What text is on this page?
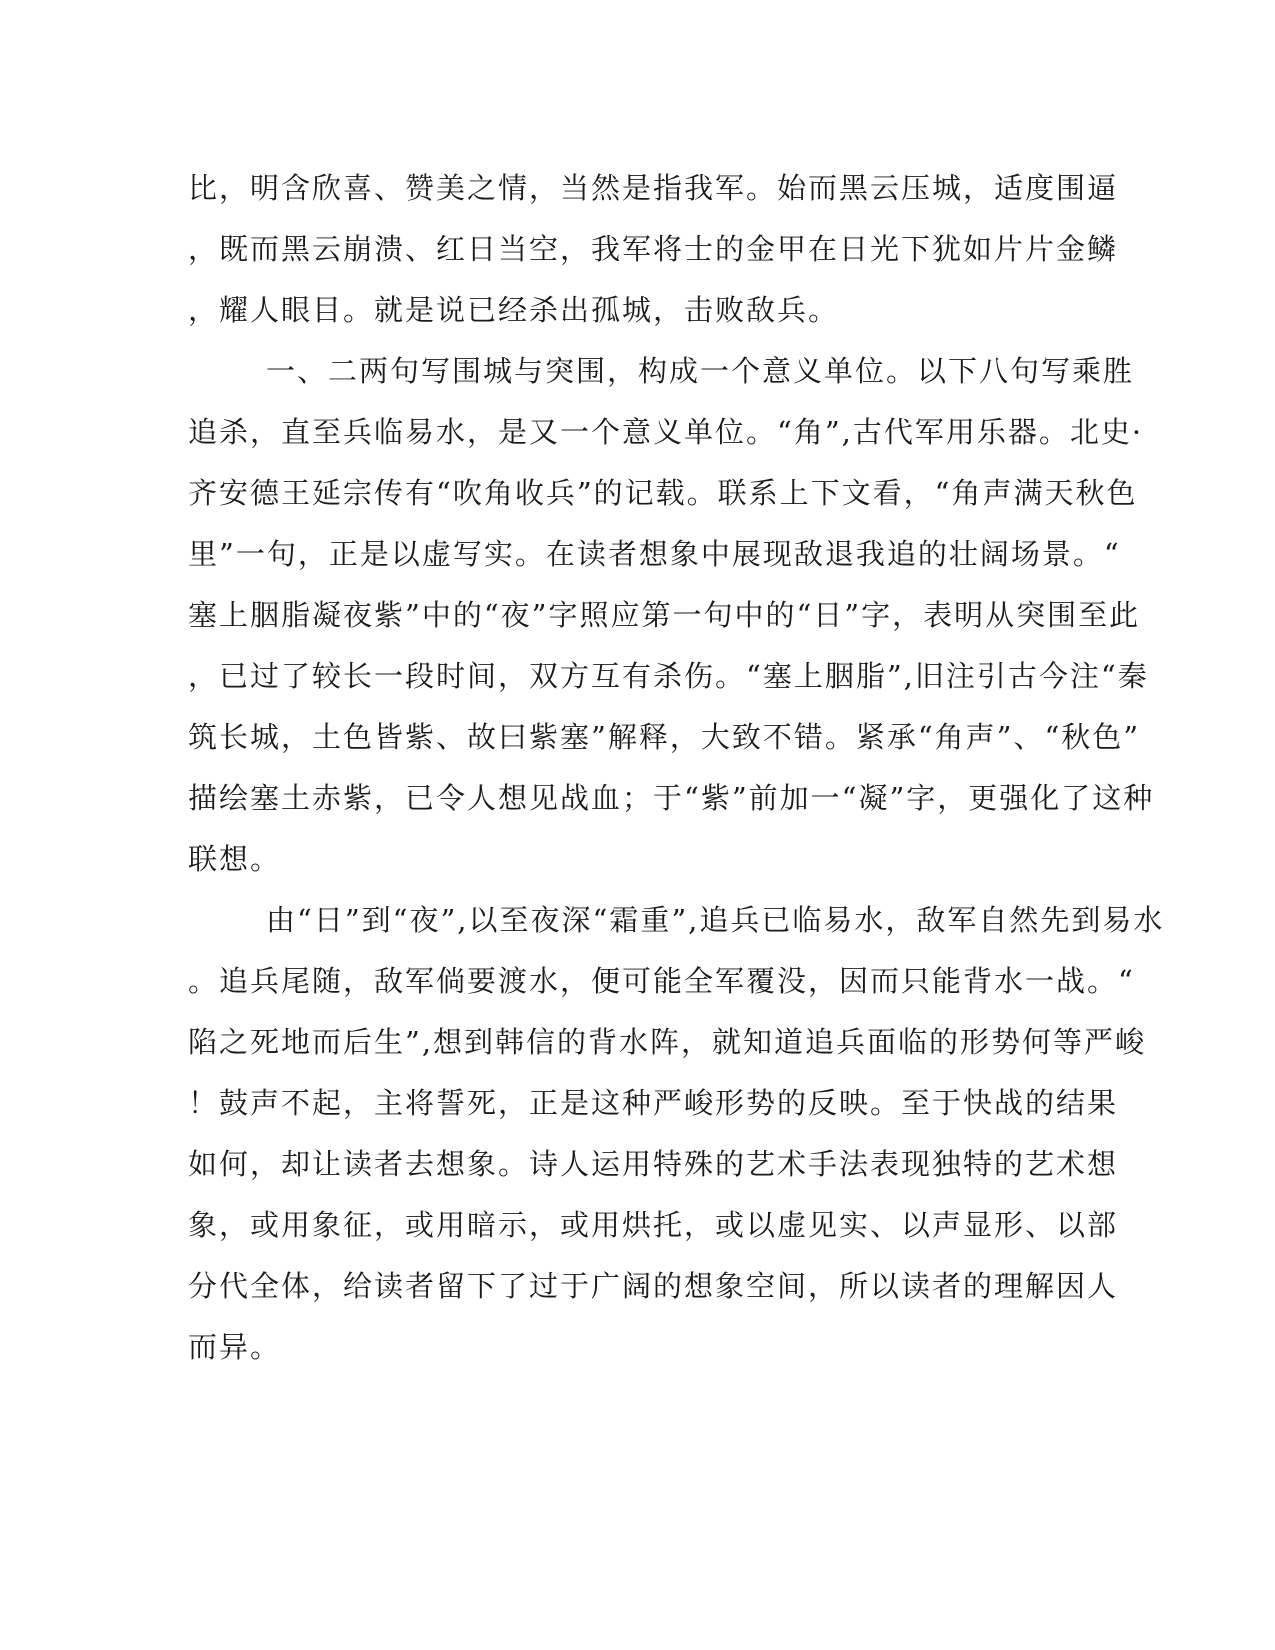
比，明含欣喜、赞美之情，当然是指我军。始而黑云压城，适度围逼
，既而黑云崩溃、红日当空，我军将士的金甲在日光下犹如片片金鳞
，耀人眼目。就是说已经杀出孤城，击败敌兵。
一、二两句写围城与突围，构成一个意义单位。以下八句写乘胜
追杀，直至兵临易水，是又一个意义单位。“角”,古代军用乐器。北史·
齐安德王延宗传有“吹角收兵”的记载。联系上下文看，“角声满天秋色
里”一句，正是以虚写实。在读者想象中展现敌退我追的壮阔场景。“
塞上胭脂凝夜紫”中的“夜”字照应第一句中的“日”字，表明从突围至此
，已过了较长一段时间，双方互有杀伤。“塞上胭脂”,旧注引古今注“秦
筑长城，土色皆紫、故曰紫塞”解释，大致不错。紧承“角声”、“秋色”
描绘塞土赤紫，已令人想见战血；于“紫”前加一“凝”字，更强化了这种
联想。
由“日”到“夜”,以至夜深“霜重”,追兵已临易水，敌军自然先到易水
。追兵尾随，敌军倘要渡水，便可能全军覆没，因而只能背水一战。“
陷之死地而后生”,想到韩信的背水阵，就知道追兵面临的形势何等严峻
！鼓声不起，主将誓死，正是这种严峻形势的反映。至于快战的结果
如何，却让读者去想象。诗人运用特殊的艺术手法表现独特的艺术想
象，或用象征，或用暗示，或用烘托，或以虚见实、以声显形、以部
分代全体，给读者留下了过于广阔的想象空间，所以读者的理解因人
而异。
